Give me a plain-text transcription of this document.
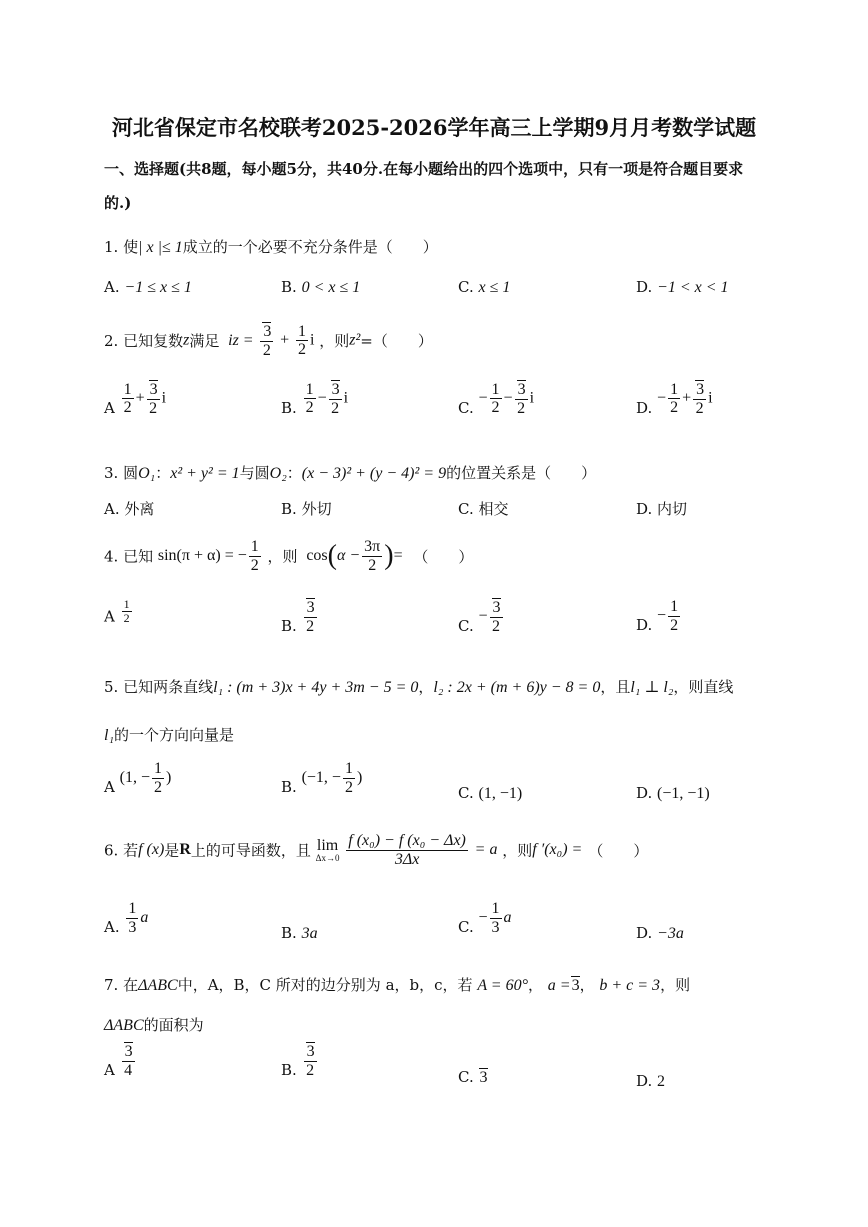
河北省保定市名校联考2025-2026学年高三上学期9月月考数学试题
一、选择题(共8题，每小题5分，共40分.在每小题给出的四个选项中，只有一项是符合题目要求
的.)
1. 使| x |≤ 1成立的一个必要不充分条件是（　　）
A. −1 ≤ x ≤ 1	B. 0 < x ≤ 1	C. x ≤ 1	D. −1 < x < 1
2. 已知复数z满足 iz = $\frac{3}{2} + \frac{1}{2}$ i ，则z²=（　　）
A $\frac{1}{2} + \frac{3}{2}$ i
B. $\frac{1}{2} - \frac{3}{2}$ i
C. − $\frac{1}{2} - \frac{3}{2}$ i
D. − $\frac{1}{2} + \frac{3}{2}$ i
3. 圆O₁：x² + y² = 1与圆O₂：(x − 3)² + (y − 4)² = 9的位置关系是（　　）
A. 外离	B. 外切	C. 相交	D. 内切
4. 已知 sin(π + α) = − $\frac{1}{2}$ ，则 $\cos(\alpha - \frac{3\pi}{2}$ )= （　　）
A $\frac{1}{2}$
B. $\frac{3}{2}$	C. − $\frac{3}{2}$	D. − $\frac{1}{2}$
5. 已知两条直线l₁ : (m + 3)x + 4y + 3m − 5 = 0，l₂ : 2x + (m + 6)y − 8 = 0，且l₁ ⊥ l₂，则直线
l₁的一个方向向量是
A (1, − $\frac{1}{2}$ )
B. (−1, − $\frac{1}{2}$ )
C. (1, −1)	D. (−1, −1)
6. 若f (x)是R上的可导函数，且 lim
Δx→0
$\frac{\text{f (x₀) − f (x₀ − Δx)}}{3\Delta x} = a$ ，则f ′(x₀) = （　　）
A. $\frac{1}{3}$ a
B. 3a	C. − $\frac{1}{3}$ a
D. −3a
7. 在ΔABC中，A，B，C 所对的边分别为 a，b，c，若 A = 60°， a =3， b + c = 3，则
ΔABC的面积为
A $\frac{3}{4}$	B. $\frac{3}{2}$	C. 3	D. 2
